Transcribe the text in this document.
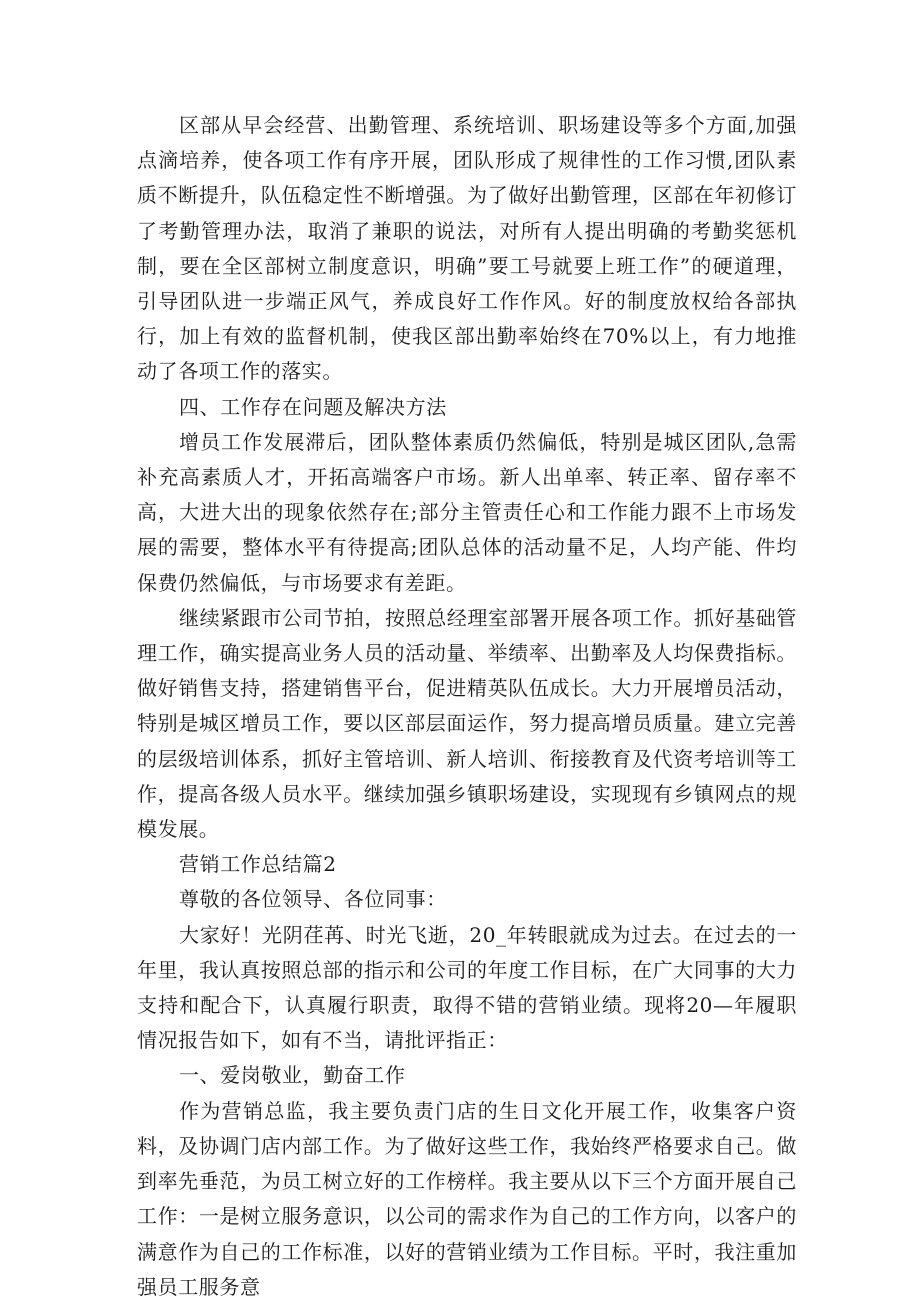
区部从早会经营、出勤管理、系统培训、职场建设等多个方面,加强点滴培养，使各项工作有序开展，团队形成了规律性的工作习惯,团队素质不断提升，队伍稳定性不断增强。为了做好出勤管理，区部在年初修订了考勤管理办法，取消了兼职的说法，对所有人提出明确的考勤奖惩机制，要在全区部树立制度意识，明确”要工号就要上班工作”的硬道理，引导团队进一步端正风气，养成良好工作作风。好的制度放权给各部执行，加上有效的监督机制，使我区部出勤率始终在70%以上，有力地推动了各项工作的落实。

四、工作存在问题及解决方法

增员工作发展滞后，团队整体素质仍然偏低，特别是城区团队,急需补充高素质人才，开拓高端客户市场。新人出单率、转正率、留存率不高，大进大出的现象依然存在;部分主管责任心和工作能力跟不上市场发展的需要，整体水平有待提高;团队总体的活动量不足，人均产能、件均保费仍然偏低，与市场要求有差距。

继续紧跟市公司节拍，按照总经理室部署开展各项工作。抓好基础管理工作，确实提高业务人员的活动量、举绩率、出勤率及人均保费指标。做好销售支持，搭建销售平台，促进精英队伍成长。大力开展增员活动，特别是城区增员工作，要以区部层面运作，努力提高增员质量。建立完善的层级培训体系，抓好主管培训、新人培训、衔接教育及代资考培训等工作，提高各级人员水平。继续加强乡镇职场建设，实现现有乡镇网点的规模发展。

营销工作总结篇2

尊敬的各位领导、各位同事：

大家好！光阴荏苒、时光飞逝，20_年转眼就成为过去。在过去的一年里，我认真按照总部的指示和公司的年度工作目标，在广大同事的大力支持和配合下，认真履行职责，取得不错的营销业绩。现将20—年履职情况报告如下，如有不当，请批评指正：

一、爱岗敬业，勤奋工作

作为营销总监，我主要负责门店的生日文化开展工作，收集客户资料，及协调门店内部工作。为了做好这些工作，我始终严格要求自己。做到率先垂范，为员工树立好的工作榜样。我主要从以下三个方面开展自己工作：一是树立服务意识，以公司的需求作为自己的工作方向，以客户的满意作为自己的工作标准，以好的营销业绩为工作目标。平时，我注重加强员工服务意
